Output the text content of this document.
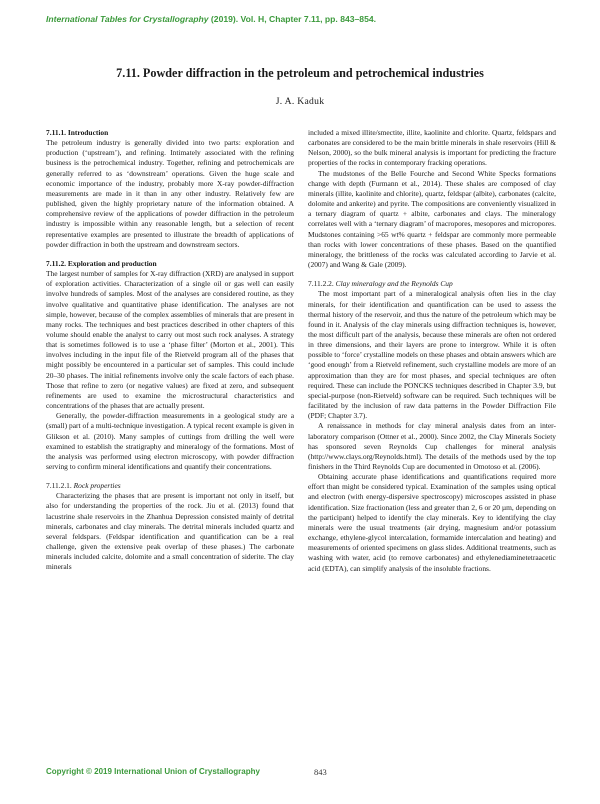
International Tables for Crystallography (2019). Vol. H, Chapter 7.11, pp. 843–854.
7.11. Powder diffraction in the petroleum and petrochemical industries
J. A. Kaduk

7.11.1. Introduction

The petroleum industry is generally divided into two parts: exploration and production (‘upstream’), and refining. Intimately associated with the refining business is the petrochemical industry. Together, refining and petrochemicals are generally referred to as ‘downstream’ operations. Given the huge scale and economic importance of the industry, probably more X-ray powder-diffraction measurements are made in it than in any other industry. Relatively few are published, given the highly proprietary nature of the information obtained. A comprehensive review of the applications of powder diffraction in the petroleum industry is impossible within any reasonable length, but a selection of recent representative examples are presented to illustrate the breadth of applications of powder diffraction in both the upstream and downstream sectors.

7.11.2. Exploration and production

The largest number of samples for X-ray diffraction (XRD) are analysed in support of exploration activities. Characterization of a single oil or gas well can easily involve hundreds of samples. Most of the analyses are considered routine, as they involve qualitative and quantitative phase identification. The analyses are not simple, however, because of the complex assemblies of minerals that are present in many rocks. The techniques and best practices described in other chapters of this volume should enable the analyst to carry out most such rock analyses. A strategy that is sometimes followed is to use a ‘phase filter’ (Morton et al., 2001). This involves including in the input file of the Rietveld program all of the phases that might possibly be encountered in a particular set of samples. This could include 20–30 phases. The initial refinements involve only the scale factors of each phase. Those that refine to zero (or negative values) are fixed at zero, and subsequent refinements are used to examine the microstructural characteristics and concentrations of the phases that are actually present.

Generally, the powder-diffraction measurements in a geological study are a (small) part of a multi-technique investigation. A typical recent example is given in Glikson et al. (2010). Many samples of cuttings from drilling the well were examined to establish the stratigraphy and mineralogy of the formations. Most of the analysis was performed using electron microscopy, with powder diffraction serving to confirm mineral identifications and quantify their concentrations.

7.11.2.1. Rock properties

Characterizing the phases that are present is important not only in itself, but also for understanding the properties of the rock. Jiu et al. (2013) found that lacustrine shale reservoirs in the Zhanhua Depression consisted mainly of detrital minerals, carbonates and clay minerals. The detrital minerals included quartz and several feldspars. (Feldspar identification and quantification can be a real challenge, given the extensive peak overlap of these phases.) The carbonate minerals included calcite, dolomite and a small concentration of siderite. The clay minerals

included a mixed illite/smectite, illite, kaolinite and chlorite. Quartz, feldspars and carbonates are considered to be the main brittle minerals in shale reservoirs (Hill & Nelson, 2000), so the bulk mineral analysis is important for predicting the fracture properties of the rocks in contemporary fracking operations.

The mudstones of the Belle Fourche and Second White Specks formations change with depth (Furmann et al., 2014). These shales are composed of clay minerals (illite, kaolinite and chlorite), quartz, feldspar (albite), carbonates (calcite, dolomite and ankerite) and pyrite. The compositions are conveniently visualized in a ternary diagram of quartz + albite, carbonates and clays. The mineralogy correlates well with a ‘ternary diagram’ of macropores, mesopores and micropores. Mudstones containing >65 wt% quartz + feldspar are commonly more permeable than rocks with lower concentrations of these phases. Based on the quantified mineralogy, the brittleness of the rocks was calculated according to Jarvie et al. (2007) and Wang & Gale (2009).

7.11.2.2. Clay mineralogy and the Reynolds Cup

The most important part of a mineralogical analysis often lies in the clay minerals, for their identification and quantification can be used to assess the thermal history of the reservoir, and thus the nature of the petroleum which may be found in it. Analysis of the clay minerals using diffraction techniques is, however, the most difficult part of the analysis, because these minerals are often not ordered in three dimensions, and their layers are prone to intergrow. While it is often possible to ‘force’ crystalline models on these phases and obtain answers which are ‘good enough’ from a Rietveld refinement, such crystalline models are more of an approximation than they are for most phases, and special techniques are often required. These can include the PONCKS techniques described in Chapter 3.9, but special-purpose (non-Rietveld) software can be required. Such techniques will be facilitated by the inclusion of raw data patterns in the Powder Diffraction File (PDF; Chapter 3.7).

A renaissance in methods for clay mineral analysis dates from an inter-laboratory comparison (Ottner et al., 2000). Since 2002, the Clay Minerals Society has sponsored seven Reynolds Cup challenges for mineral analysis (http://www.clays.org/Reynolds.html). The details of the methods used by the top finishers in the Third Reynolds Cup are documented in Omotoso et al. (2006).

Obtaining accurate phase identifications and quantifications required more effort than might be considered typical. Examination of the samples using optical and electron (with energy-dispersive spectroscopy) microscopes assisted in phase identification. Size fractionation (less and greater than 2, 6 or 20 µm, depending on the participant) helped to identify the clay minerals. Key to identifying the clay minerals were the usual treatments (air drying, magnesium and/or potassium exchange, ethylene-glycol intercalation, formamide intercalation and heating) and measurements of oriented specimens on glass slides. Additional treatments, such as washing with water, acid (to remove carbonates) and ethylenediaminetetraacetic acid (EDTA), can simplify analysis of the insoluble fractions.

Copyright © 2019 International Union of Crystallography	843
